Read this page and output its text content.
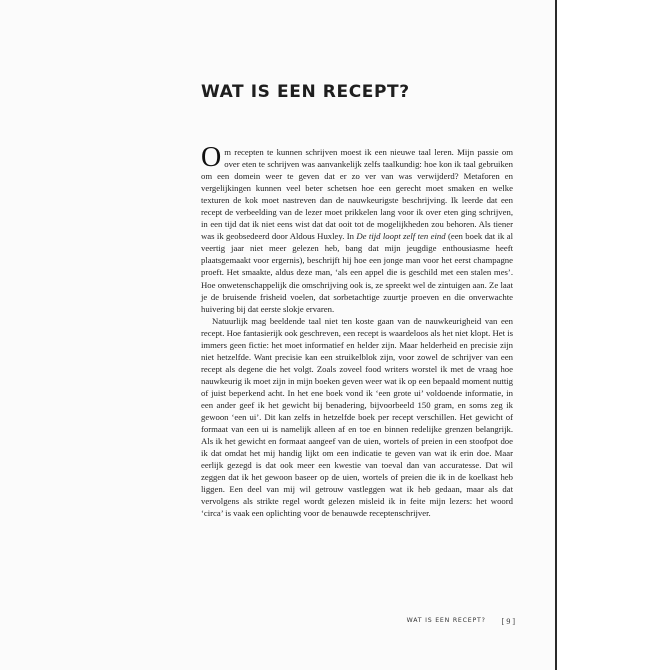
WAT IS EEN RECEPT?

Om recepten te kunnen schrijven moest ik een nieuwe taal leren. Mijn passie om over eten te schrijven was aanvankelijk zelfs taalkundig: hoe kon ik taal gebruiken om een domein weer te geven dat er zo ver van was verwijderd? Metaforen en vergelijkingen kunnen veel beter schetsen hoe een gerecht moet smaken en welke texturen de kok moet nastreven dan de nauwkeurigste beschrijving. Ik leerde dat een recept de verbeelding van de lezer moet prikkelen lang voor ik over eten ging schrijven, in een tijd dat ik niet eens wist dat dat ooit tot de mogelijkheden zou behoren. Als tiener was ik geobsedeerd door Aldous Huxley. In De tijd loopt zelf ten eind (een boek dat ik al veertig jaar niet meer gelezen heb, bang dat mijn jeugdige enthousiasme heeft plaatsgemaakt voor ergernis), beschrijft hij hoe een jonge man voor het eerst champagne proeft. Het smaakte, aldus deze man, ‘als een appel die is geschild met een stalen mes’. Hoe onwetenschappelijk die omschrijving ook is, ze spreekt wel de zintuigen aan. Ze laat je de bruisende frisheid voelen, dat sorbetachtige zuurtje proeven en die onverwachte huivering bij dat eerste slokje ervaren.

Natuurlijk mag beeldende taal niet ten koste gaan van de nauwkeurigheid van een recept. Hoe fantasierijk ook geschreven, een recept is waardeloos als het niet klopt. Het is immers geen fictie: het moet informatief en helder zijn. Maar helderheid en precisie zijn niet hetzelfde. Want precisie kan een struikelblok zijn, voor zowel de schrijver van een recept als degene die het volgt. Zoals zoveel food writers worstel ik met de vraag hoe nauwkeurig ik moet zijn in mijn boeken geven weer wat ik op een bepaald moment nuttig of juist beperkend acht. In het ene boek vond ik ‘een grote ui’ voldoende informatie, in een ander geef ik het gewicht bij benadering, bijvoorbeeld 150 gram, en soms zeg ik gewoon ‘een ui’. Dit kan zelfs in hetzelfde boek per recept verschillen. Het gewicht of formaat van een ui is namelijk alleen af en toe en binnen redelijke grenzen belangrijk. Als ik het gewicht en formaat aangeef van de uien, wortels of preien in een stoofpot doe ik dat omdat het mij handig lijkt om een indicatie te geven van wat ik erin doe. Maar eerlijk gezegd is dat ook meer een kwestie van toeval dan van accuratesse. Dat wil zeggen dat ik het gewoon baseer op de uien, wortels of preien die ik in de koelkast heb liggen. Een deel van mij wil getrouw vastleggen wat ik heb gedaan, maar als dat vervolgens als strikte regel wordt gelezen misleid ik in feite mijn lezers: het woord ‘circa’ is vaak een oplichting voor de benauwde receptenschrijver.

WAT IS EEN RECEPT? [ 9 ]
